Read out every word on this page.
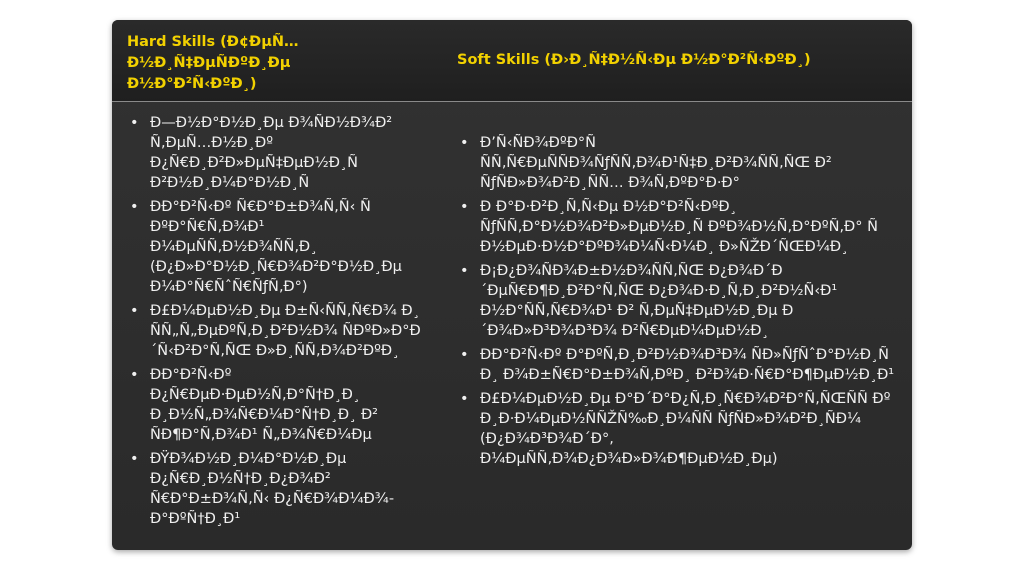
Hard Skills (Ð¢ÐµÑ… Ð½Ð¸Ñ‡ÐµÑÐºÐ¸Ðµ Ð½Ð°Ð²Ñ‹ÐºÐ¸)
Soft Skills (Ð›Ð¸Ñ‡Ð½Ñ‹Ðµ Ð½Ð°Ð²Ñ‹ÐºÐ¸)
• Ð—Ð½Ð°Ð½Ð¸Ðµ Ð¾ÑÐ½Ð¾Ð² Ñ‚ÐµÑ…Ð½Ð¸Ðº Ð¿Ñ€Ð¸Ð²Ð»ÐµÑ‡ÐµÐ½Ð¸Ñ Ð²Ð½Ð¸Ð¼Ð°Ð½Ð¸Ñ
• ÐÐ°Ð²Ñ‹Ðº Ñ€Ð°Ð±Ð¾Ñ‚Ñ‹ Ñ ÐºÐ°Ñ€Ñ‚Ð¾Ð¹ Ð¼ÐµÑÑ‚Ð½Ð¾ÑÑ‚Ð¸ (Ð¿Ð»Ð°Ð½Ð¸Ñ€Ð¾Ð²Ð°Ð½Ð¸Ðµ Ð¼Ð°Ñ€ÑˆÑ€ÑƒÑ‚Ð°)
• Ð£Ð¼ÐµÐ½Ð¸Ðµ Ð±Ñ‹ÑÑ‚Ñ€Ð¾ Ð¸ ÑÑ„Ñ„ÐµÐºÑ‚Ð¸Ð²Ð½Ð¾ ÑÐºÐ»Ð°Ð´Ñ‹Ð²Ð°Ñ‚ÑŒ Ð»Ð¸ÑÑ‚Ð¾Ð²ÐºÐ¸
• ÐÐ°Ð²Ñ‹Ðº Ð¿Ñ€ÐµÐ·ÐµÐ½Ñ‚Ð°Ñ†Ð¸Ð¸ Ð¸Ð½Ñ„Ð¾Ñ€Ð¼Ð°Ñ†Ð¸Ð¸ Ð² ÑÐ¶Ð°Ñ‚Ð¾Ð¹ Ñ„Ð¾Ñ€Ð¼Ðµ
• ÐŸÐ¾Ð½Ð¸Ð¼Ð°Ð½Ð¸Ðµ Ð¿Ñ€Ð¸Ð½Ñ†Ð¸Ð¿Ð¾Ð² Ñ€Ð°Ð±Ð¾Ñ‚Ñ‹ Ð¿Ñ€Ð¾Ð¼Ð¾-Ð°ÐºÑ†Ð¸Ð¹
• Ð’Ñ‹ÑÐ¾ÐºÐ°Ñ ÑÑ‚Ñ€ÐµÑÑÐ¾ÑƒÑÑ‚Ð¾Ð¹Ñ‡Ð¸Ð²Ð¾ÑÑ‚ÑŒ Ð² ÑƒÑÐ»Ð¾Ð²Ð¸ÑÑ… Ð¾Ñ‚ÐºÐ°Ð·Ð°
• Ð Ð°Ð·Ð²Ð¸Ñ‚Ñ‹Ðµ Ð½Ð°Ð²Ñ‹ÐºÐ¸ ÑƒÑÑ‚Ð°Ð½Ð¾Ð²Ð»ÐµÐ½Ð¸Ñ ÐºÐ¾Ð½Ñ‚Ð°ÐºÑ‚Ð° Ñ Ð½ÐµÐ·Ð½Ð°ÐºÐ¾Ð¼Ñ‹Ð¼Ð¸ Ð»ÑŽÐ´ÑŒÐ¼Ð¸
• Ð¡Ð¿Ð¾ÑÐ¾Ð±Ð½Ð¾ÑÑ‚ÑŒ Ð¿Ð¾Ð´Ð´ÐµÑ€Ð¶Ð¸Ð²Ð°Ñ‚ÑŒ Ð¿Ð¾Ð·Ð¸Ñ‚Ð¸Ð²Ð½Ñ‹Ð¹ Ð½Ð°ÑÑ‚Ñ€Ð¾Ð¹ Ð² Ñ‚ÐµÑ‡ÐµÐ½Ð¸Ðµ Ð´Ð¾Ð»Ð³Ð¾Ð³Ð¾ Ð²Ñ€ÐµÐ¼ÐµÐ½Ð¸
• ÐÐ°Ð²Ñ‹Ðº Ð°ÐºÑ‚Ð¸Ð²Ð½Ð¾Ð³Ð¾ ÑÐ»ÑƒÑˆÐ°Ð½Ð¸Ñ Ð¸ Ð¾Ð±Ñ€Ð°Ð±Ð¾Ñ‚ÐºÐ¸ Ð²Ð¾Ð·Ñ€Ð°Ð¶ÐµÐ½Ð¸Ð¹
• Ð£Ð¼ÐµÐ½Ð¸Ðµ Ð°Ð´Ð°Ð¿Ñ‚Ð¸Ñ€Ð¾Ð²Ð°Ñ‚ÑŒÑÑ Ðº Ð¸Ð·Ð¼ÐµÐ½ÑÑŽÑ‰Ð¸Ð¼ÑÑ ÑƒÑÐ»Ð¾Ð²Ð¸ÑÐ¼ (Ð¿Ð¾Ð³Ð¾Ð´Ð°, Ð¼ÐµÑÑ‚Ð¾Ð¿Ð¾Ð»Ð¾Ð¶ÐµÐ½Ð¸Ðµ)
